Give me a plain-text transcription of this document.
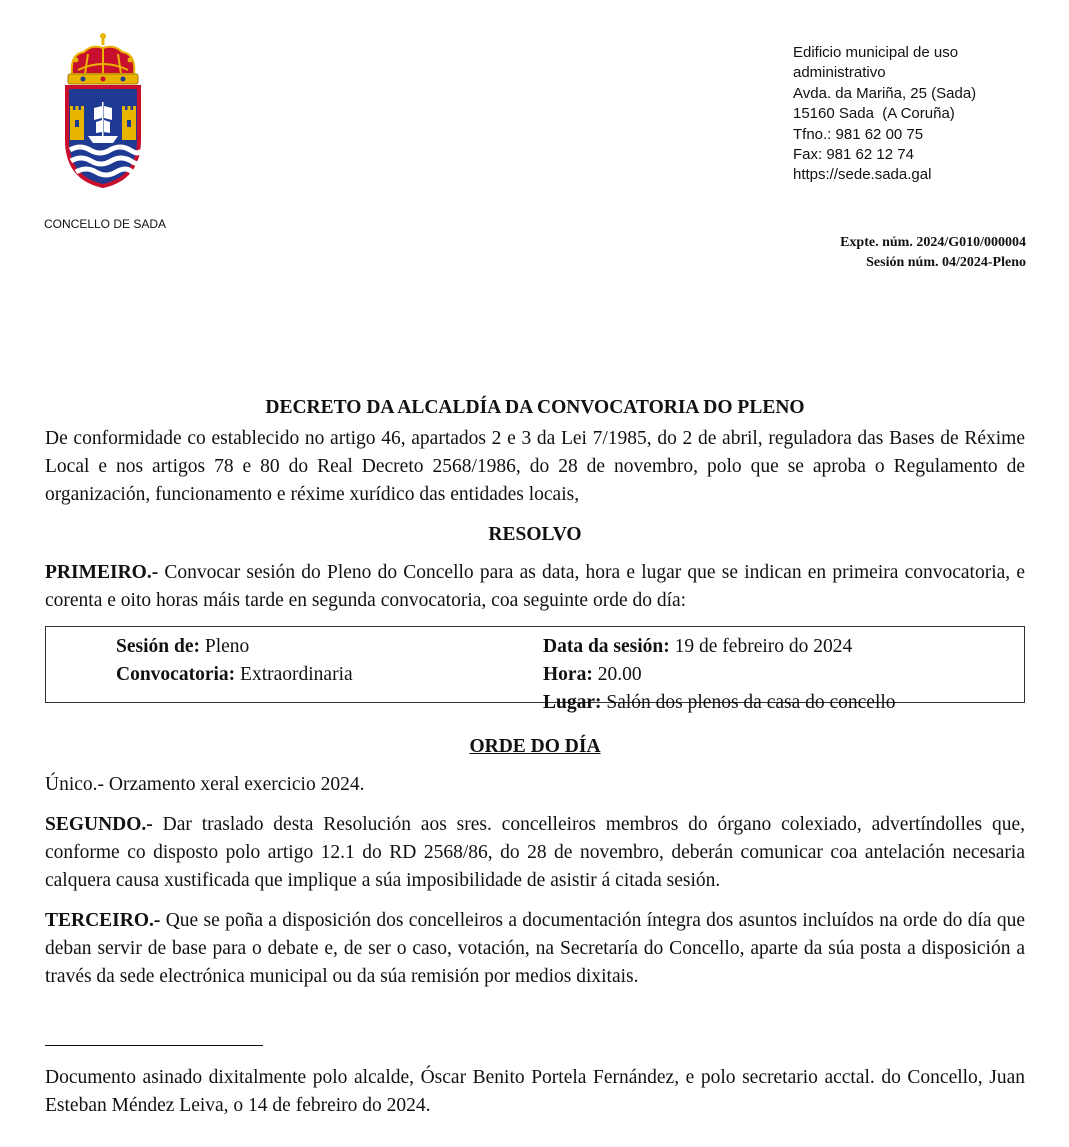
CONCELLO DE SADA
Edificio municipal de uso
administrativo
Avda. da Mariña, 25 (Sada)
15160 Sada  (A Coruña)
Tfno.: 981 62 00 75
Fax: 981 62 12 74
https://sede.sada.gal
Expte. núm. 2024/G010/000004
Sesión núm. 04/2024-Pleno

DECRETO DA ALCALDÍA DA CONVOCATORIA DO PLENO

De conformidade co establecido no artigo 46, apartados 2 e 3 da Lei 7/1985, do 2 de abril, reguladora das Bases de Réxime Local e nos artigos 78 e 80 do Real Decreto 2568/1986, do 28 de novembro, polo que se aproba o Regulamento de organización, funcionamento e réxime xurídico das entidades locais,

RESOLVO

PRIMEIRO.- Convocar sesión do Pleno do Concello para as data, hora e lugar que se indican en primeira convocatoria, e corenta e oito horas máis tarde en segunda convocatoria, coa seguinte orde do día:

Sesión de: Pleno
Convocatoria: Extraordinaria
Data da sesión: 19 de febreiro do 2024
Hora: 20.00
Lugar: Salón dos plenos da casa do concello

ORDE DO DÍA

Único.- Orzamento xeral exercicio 2024.

SEGUNDO.- Dar traslado desta Resolución aos sres. concelleiros membros do órgano colexiado, advertíndolles que, conforme co disposto polo artigo 12.1 do RD 2568/86, do 28 de novembro, deberán comunicar coa antelación necesaria calquera causa xustificada que implique a súa imposibilidade de asistir á citada sesión.

TERCEIRO.- Que se poña a disposición dos concelleiros a documentación íntegra dos asuntos incluídos na orde do día que deban servir de base para o debate e, de ser o caso, votación, na Secretaría do Concello, aparte da súa posta a disposición a través da sede electrónica municipal ou da súa remisión por medios dixitais.

Documento asinado dixitalmente polo alcalde, Óscar Benito Portela Fernández, e polo secretario acctal. do Concello, Juan Esteban Méndez Leiva, o 14 de febreiro do 2024.
